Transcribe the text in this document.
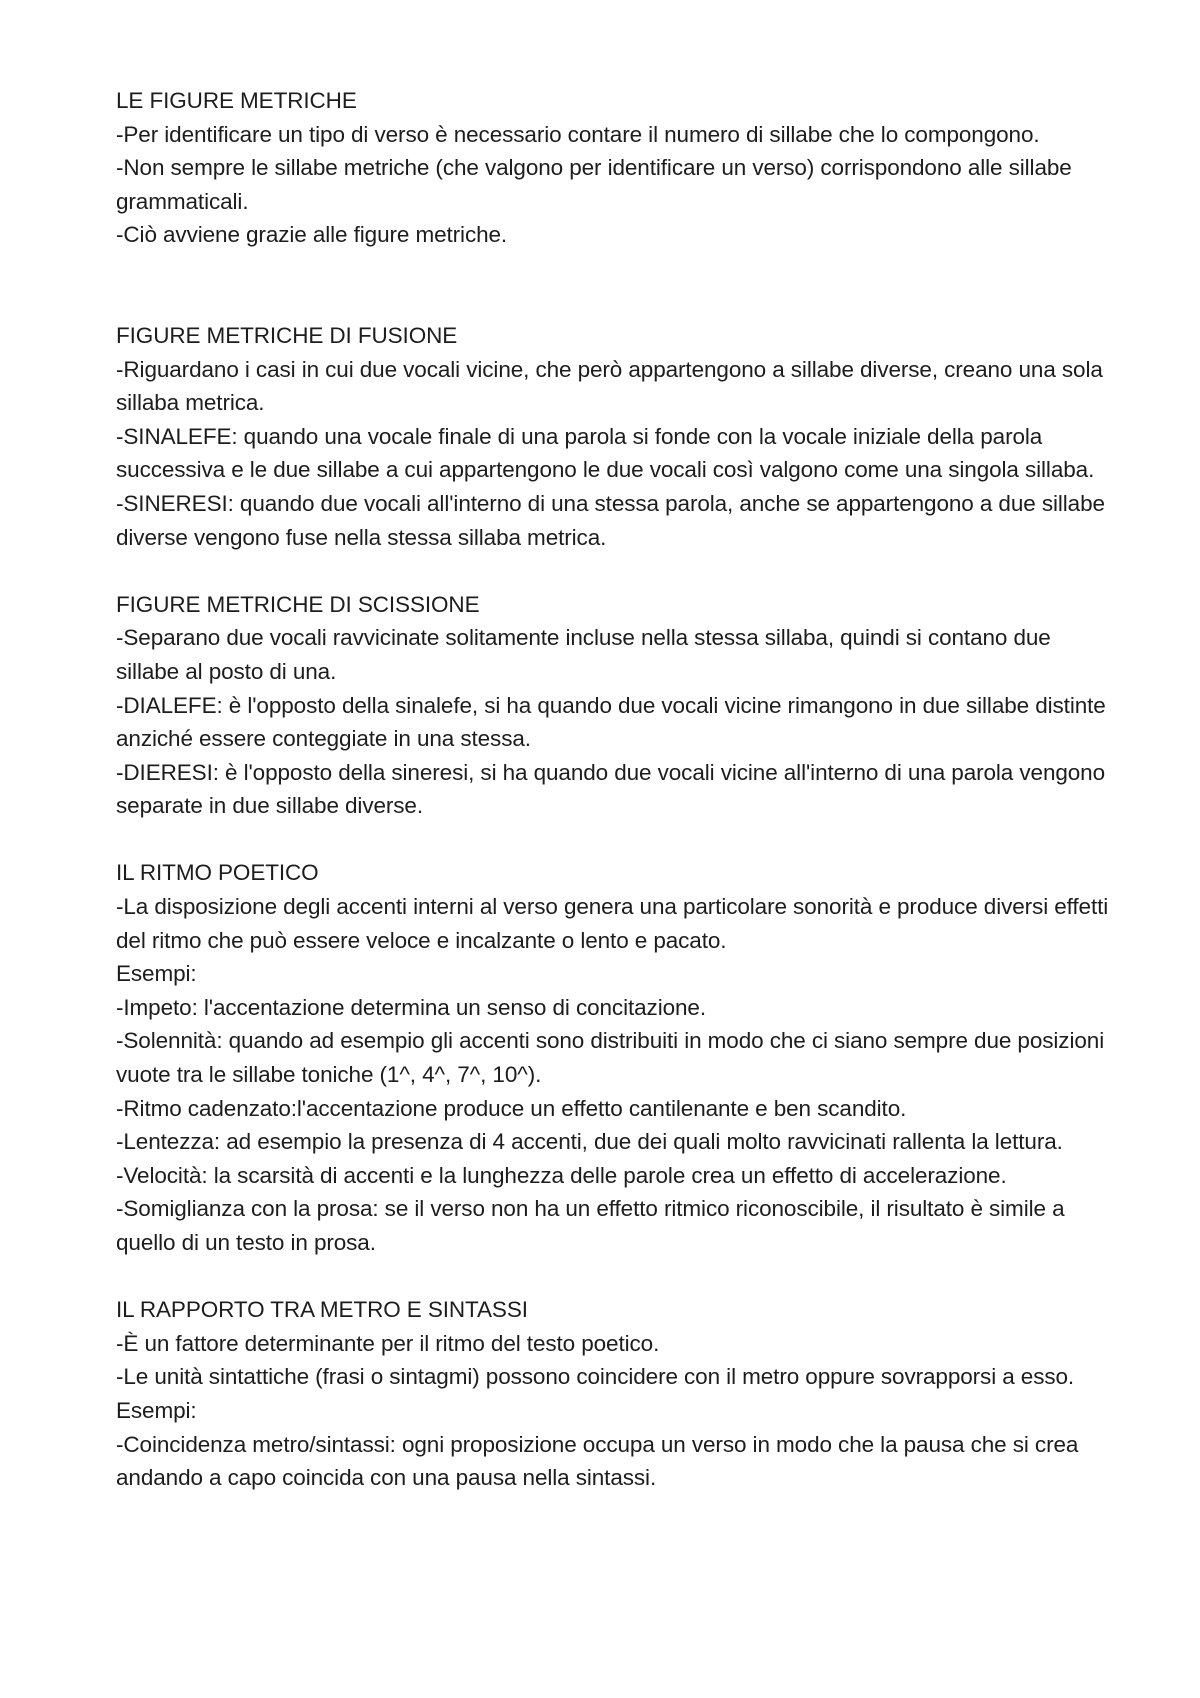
LE FIGURE METRICHE

-Per identificare un tipo di verso è necessario contare il numero di sillabe che lo compongono.

-Non sempre le sillabe metriche (che valgono per identificare un verso) corrispondono alle sillabe grammaticali.

-Ciò avviene grazie alle figure metriche.

FIGURE METRICHE DI FUSIONE

-Riguardano i casi in cui due vocali vicine, che però appartengono a sillabe diverse, creano una sola sillaba metrica.

-SINALEFE: quando una vocale finale di una parola si fonde con la vocale iniziale della parola successiva e le due sillabe a cui appartengono le due vocali così valgono come una singola sillaba.

-SINERESI: quando due vocali all'interno di una stessa parola, anche se appartengono a due sillabe diverse vengono fuse nella stessa sillaba metrica.

FIGURE METRICHE DI SCISSIONE

-Separano due vocali ravvicinate solitamente incluse nella stessa sillaba, quindi si contano due sillabe al posto di una.

-DIALEFE: è l'opposto della sinalefe, si ha quando due vocali vicine rimangono in due sillabe distinte anziché essere conteggiate in una stessa.

-DIERESI: è l'opposto della sineresi, si ha quando due vocali vicine all'interno di una parola vengono separate in due sillabe diverse.

IL RITMO POETICO

-La disposizione degli accenti interni al verso genera una particolare sonorità e produce diversi effetti del ritmo che può essere veloce e incalzante o lento e pacato.

Esempi:

-Impeto: l'accentazione determina un senso di concitazione.

-Solennità: quando ad esempio gli accenti sono distribuiti in modo che ci siano sempre due posizioni vuote tra le sillabe toniche (1^, 4^, 7^, 10^).

-Ritmo cadenzato:l'accentazione produce un effetto cantilenante e ben scandito.

-Lentezza: ad esempio la presenza di 4 accenti, due dei quali molto ravvicinati rallenta la lettura.

-Velocità: la scarsità di accenti e la lunghezza delle parole crea un effetto di accelerazione.

-Somiglianza con la prosa: se il verso non ha un effetto ritmico riconoscibile, il risultato è simile a quello di un testo in prosa.

IL RAPPORTO TRA METRO E SINTASSI

-È un fattore determinante per il ritmo del testo poetico.

-Le unità sintattiche (frasi o sintagmi) possono coincidere con il metro oppure sovrapporsi a esso.

Esempi:

-Coincidenza metro/sintassi: ogni proposizione occupa un verso in modo che la pausa che si crea andando a capo coincida con una pausa nella sintassi.
